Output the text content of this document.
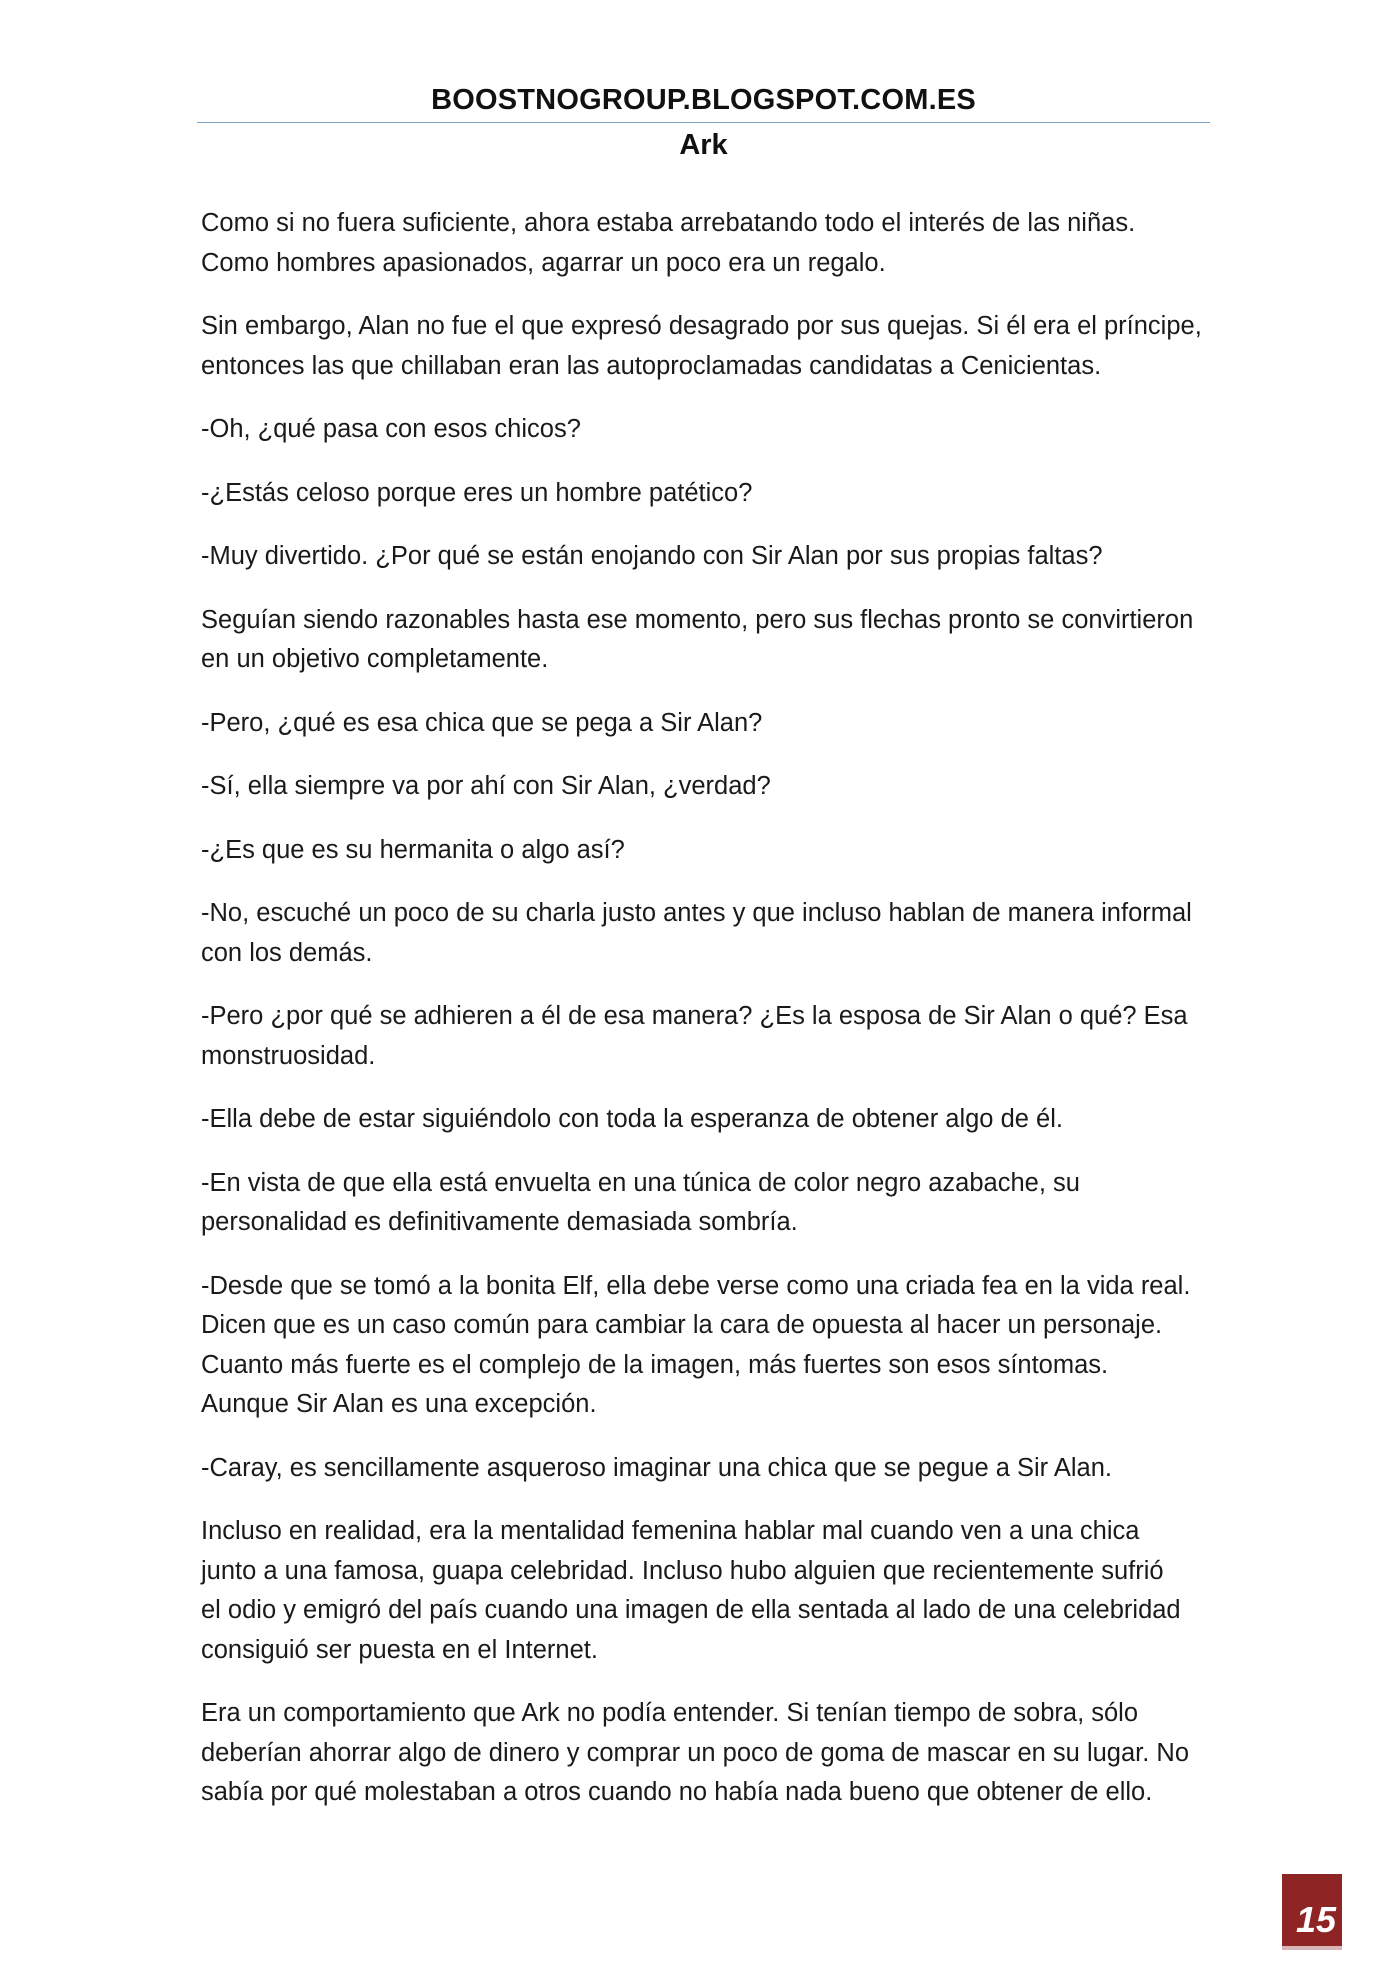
BOOSTNOGROUP.BLOGSPOT.COM.ES
Ark

Como si no fuera suficiente, ahora estaba arrebatando todo el interés de las niñas.
Como hombres apasionados, agarrar un poco era un regalo.

Sin embargo, Alan no fue el que expresó desagrado por sus quejas. Si él era el príncipe,
entonces las que chillaban eran las autoproclamadas candidatas a Cenicientas.

-Oh, ¿qué pasa con esos chicos?

-¿Estás celoso porque eres un hombre patético?

-Muy divertido. ¿Por qué se están enojando con Sir Alan por sus propias faltas?

Seguían siendo razonables hasta ese momento, pero sus flechas pronto se convirtieron
en un objetivo completamente.

-Pero, ¿qué es esa chica que se pega a Sir Alan?

-Sí, ella siempre va por ahí con Sir Alan, ¿verdad?

-¿Es que es su hermanita o algo así?

-No, escuché un poco de su charla justo antes y que incluso hablan de manera informal
con los demás.

-Pero ¿por qué se adhieren a él de esa manera? ¿Es la esposa de Sir Alan o qué? Esa
monstruosidad.

-Ella debe de estar siguiéndolo con toda la esperanza de obtener algo de él.

-En vista de que ella está envuelta en una túnica de color negro azabache, su
personalidad es definitivamente demasiada sombría.

-Desde que se tomó a la bonita Elf, ella debe verse como una criada fea en la vida real.
Dicen que es un caso común para cambiar la cara de opuesta al hacer un personaje.
Cuanto más fuerte es el complejo de la imagen, más fuertes son esos síntomas.
Aunque Sir Alan es una excepción.

-Caray, es sencillamente asqueroso imaginar una chica que se pegue a Sir Alan.

Incluso en realidad, era la mentalidad femenina hablar mal cuando ven a una chica
junto a una famosa, guapa celebridad. Incluso hubo alguien que recientemente sufrió
el odio y emigró del país cuando una imagen de ella sentada al lado de una celebridad
consiguió ser puesta en el Internet.

Era un comportamiento que Ark no podía entender. Si tenían tiempo de sobra, sólo
deberían ahorrar algo de dinero y comprar un poco de goma de mascar en su lugar. No
sabía por qué molestaban a otros cuando no había nada bueno que obtener de ello.

15
